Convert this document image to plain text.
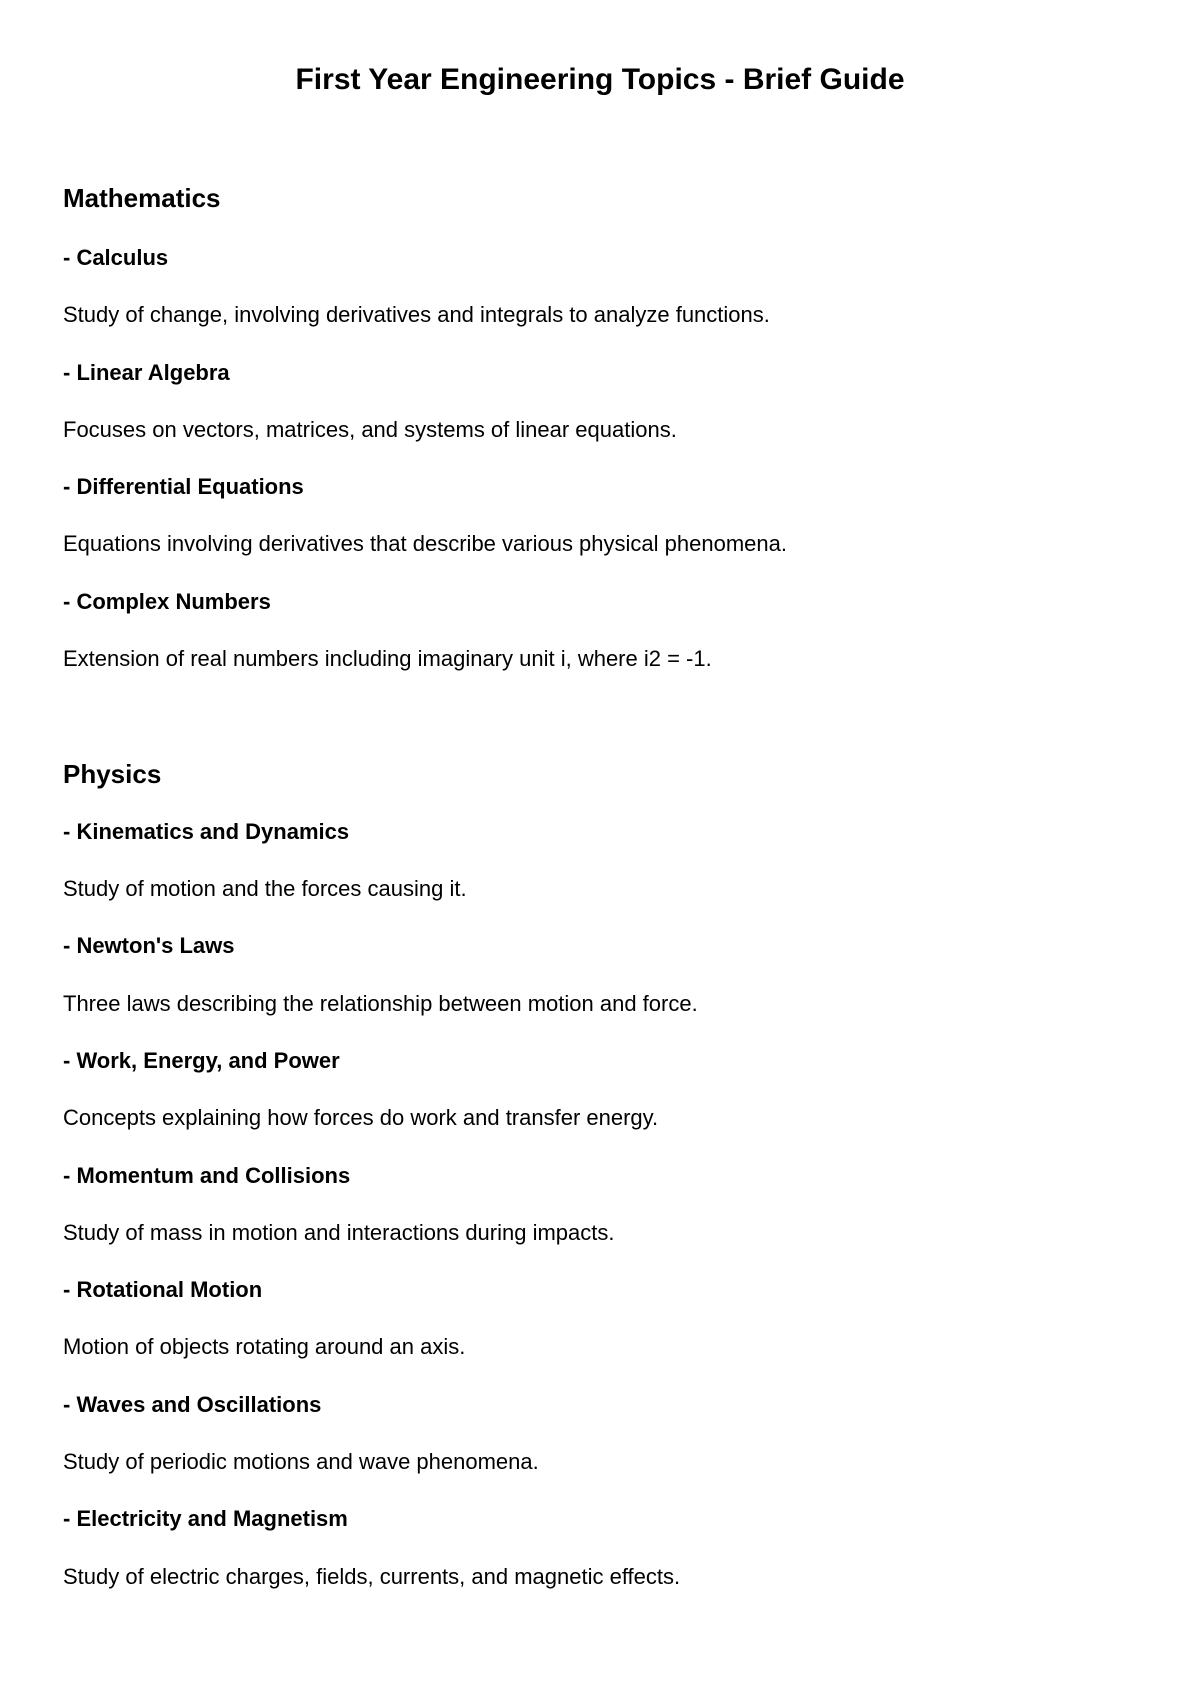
First Year Engineering Topics - Brief Guide
Mathematics

- Calculus

Study of change, involving derivatives and integrals to analyze functions.

- Linear Algebra

Focuses on vectors, matrices, and systems of linear equations.

- Differential Equations

Equations involving derivatives that describe various physical phenomena.

- Complex Numbers

Extension of real numbers including imaginary unit i, where i2 = -1.

Physics

- Kinematics and Dynamics

Study of motion and the forces causing it.

- Newton's Laws

Three laws describing the relationship between motion and force.

- Work, Energy, and Power

Concepts explaining how forces do work and transfer energy.

- Momentum and Collisions

Study of mass in motion and interactions during impacts.

- Rotational Motion

Motion of objects rotating around an axis.

- Waves and Oscillations

Study of periodic motions and wave phenomena.

- Electricity and Magnetism

Study of electric charges, fields, currents, and magnetic effects.
